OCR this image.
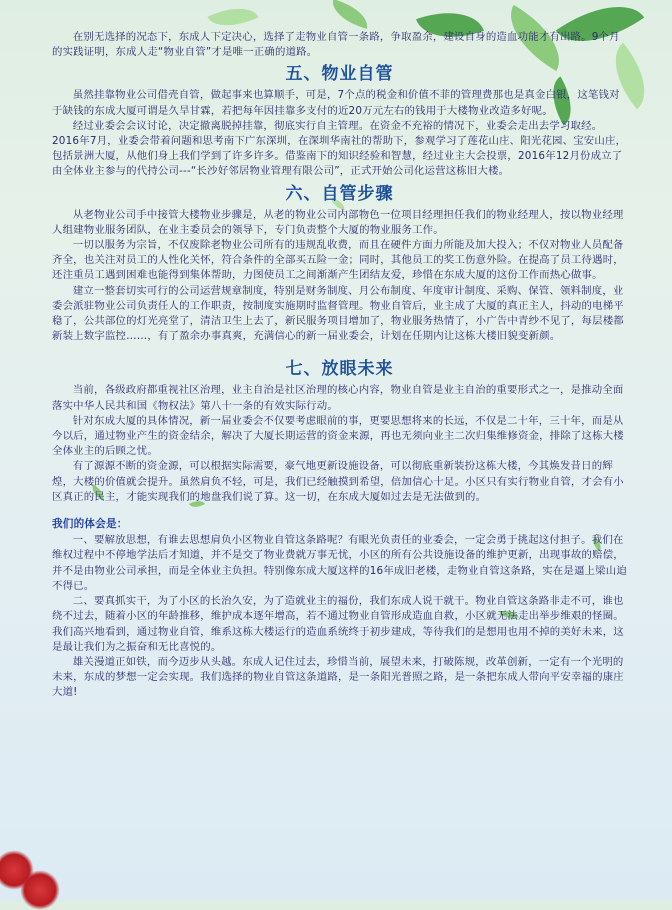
在别无选择的况态下，东成人下定决心，选择了走物业自管一条路，争取盈余，建设自身的造血功能才有出路。9个月的实践证明，东成人走“物业自管”才是唯一正确的道路。

五、物业自管

虽然挂靠物业公司借壳自管，做起事来也算顺手，可是，7个点的税金和价值不菲的管理费那也是真金白银，这笔钱对于缺钱的东成大厦可谓是久旱甘霖，若把每年因挂靠多支付的近20万元左右的钱用于大楼物业改造多好呢。

经过业委会会议讨论，决定撤离脱掉挂靠，彻底实行自主管理。在资金不充裕的情况下，业委会走出去学习取经。2016年7月，业委会带着问题和思考南下广东深圳，在深圳华南社的帮助下，参观学习了莲花山庄、阳光花园、宝安山庄，包括景洲大厦，从他们身上我们学到了许多许多。借鉴南下的知识经验和智慧，经过业主大会投票，2016年12月份成立了由全体业主参与的代持公司---“长沙好邻居物业管理有限公司”，正式开始公司化运营这栋旧大楼。

六、自管步骤

从老物业公司手中接管大楼物业步骤是，从老的物业公司内部物色一位项目经理担任我们的物业经理人，按以物业经理人组建物业服务团队，在业主委员会的领导下，专门负责整个大厦的物业服务工作。

一切以服务为宗旨，不仅废除老物业公司所有的违规乱收费，而且在硬件方面力所能及加大投入；不仅对物业人员配备齐全，也关注对员工的人性化关怀，符合条件的全部买五险一金；同时，其他员工的奖工伤意外险。在提高了员工待遇时，还注重员工遇到困难也能得到集体帮助，力图使员工之间渐渐产生团结友爱，珍惜在东成大厦的这份工作而热心做事。

建立一整套切实可行的公司运营规章制度，特别是财务制度、月公布制度、年度审计制度、采购、保管、领料制度，业委会派驻物业公司负责任人的工作职责，按制度实施期时监督管理。物业自管后，业主成了大厦的真正主人，抖动的电梯平稳了，公共部位的灯光亮堂了，清洁卫生上去了，新民服务项目增加了，物业服务热情了，小广告中青纱不见了，每层楼都新装上数字监控……，有了盈余办事真爽，充满信心的新一届业委会，计划在任期内让这栋大楼旧貌变新颜。

七、放眼未来

当前，各级政府都重视社区治理，业主自治是社区治理的核心内容，物业自管是业主自治的重要形式之一，是推动全面落实中华人民共和国《物权法》第八十一条的有效实际行动。

针对东成大厦的具体情况，新一届业委会不仅要考虑眼前的事，更要思想将来的长远，不仅是二十年，三十年，而是从今以后，通过物业产生的资金结余，解决了大厦长期运营的资金来源，再也无须向业主二次归集维修资金，排除了这栋大楼全体业主的后顾之忧。

有了源源不断的资金源，可以根据实际需要，豪气地更新设施设备，可以彻底重新装扮这栋大楼，今其焕发昔日的辉煌，大楼的价值就会提升。虽然肩负不轻，可是，我们已经触摸到希望，倍加信心十足。小区只有实行物业自管，才会有小区真正的民主，才能实现我们的地盘我们说了算。这一切，在东成大厦如过去是无法做到的。

我们的体会是：

一、要解放思想，有谁去思想肩负小区物业自管这条路呢？有眼光负责任的业委会，一定会勇于挑起这付担子。我们在维权过程中不停地学法后才知道，并不是交了物业费就万事无忧，小区的所有公共设施设备的维护更新，出现事故的赔偿，并不是由物业公司承担，而是全体业主负担。特别像东成大厦这样的16年成旧老楼，走物业自管这条路，实在是逼上梁山迫不得已。

二、要真抓实干，为了小区的长治久安，为了造就业主的福份，我们东成人说干就干。物业自管这条路非走不可，谁也绕不过去，随着小区的年龄推移，维护成本逐年增高，若不通过物业自管形成造血自救，小区就无法走出举步维艰的怪圈。我们高兴地看到，通过物业自管，维系这栋大楼运行的造血系统终于初步建成，等待我们的是想用也用不掉的美好未来，这是最让我们为之振奋和无比喜悦的。

雄关漫道正如铁，而今迈步从头越。东成人记住过去，珍惜当前，展望未来，打破陈规，改革创新，一定有一个光明的未来，东成的梦想一定会实现。我们选择的物业自管这条道路，是一条阳光普照之路，是一条把东成人带向平安幸福的康庄大道!
